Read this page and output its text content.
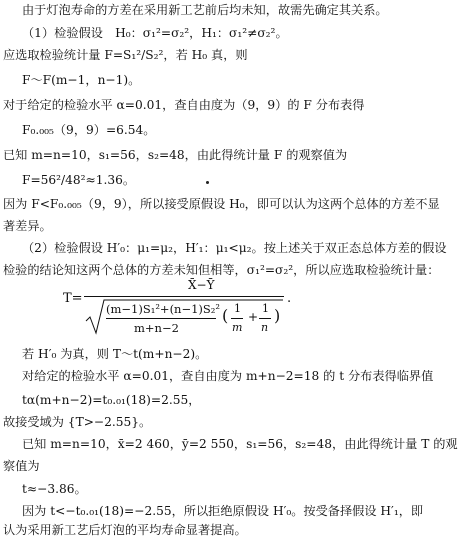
由于灯泡寿命的方差在采用新工艺前后均未知，故需先确定其关系。
（1）检验假设　H₀：σ₁²=σ₂²，H₁：σ₁²≠σ₂²。
应选取检验统计量 F=S₁²/S₂²，若 H₀ 真，则
F～F(m−1，n−1)。
对于给定的检验水平 α=0.01，查自由度为（9，9）的 F 分布表得
F₀.₀₀₅（9，9）=6.54。
已知 m=n=10，s₁=56，s₂=48，由此得统计量 F 的观察值为
F=56²/48²≈1.36。
因为 F<F₀.₀₀₅（9，9），所以接受原假设 H₀，即可以认为这两个总体的方差不显
著差异。
（2）检验假设 H′₀：μ₁=μ₂，H′₁：μ₁<μ₂。按上述关于双正态总体方差的假设
检验的结论知这两个总体的方差未知但相等，σ₁²=σ₂²，所以应选取检验统计量：
T=
X̄−Ȳ
(m−1)S₁²+(n−1)S₂²
m+n−2
( 1
m
+
1
n
)
.
若 H′₀ 为真，则 T～t(m+n−2)。
对给定的检验水平 α=0.01，查自由度为 m+n−2=18 的 t 分布表得临界值
tα(m+n−2)=t₀.₀₁(18)=2.55，
故接受域为 {T>−2.55}。
已知 m=n=10，x̄=2 460，ȳ=2 550，s₁=56，s₂=48，由此得统计量 T 的观
察值为
t≈−3.86。
因为 t<−t₀.₀₁(18)=−2.55，所以拒绝原假设 H′₀。按受备择假设 H′₁，即
认为采用新工艺后灯泡的平均寿命显著提高。
